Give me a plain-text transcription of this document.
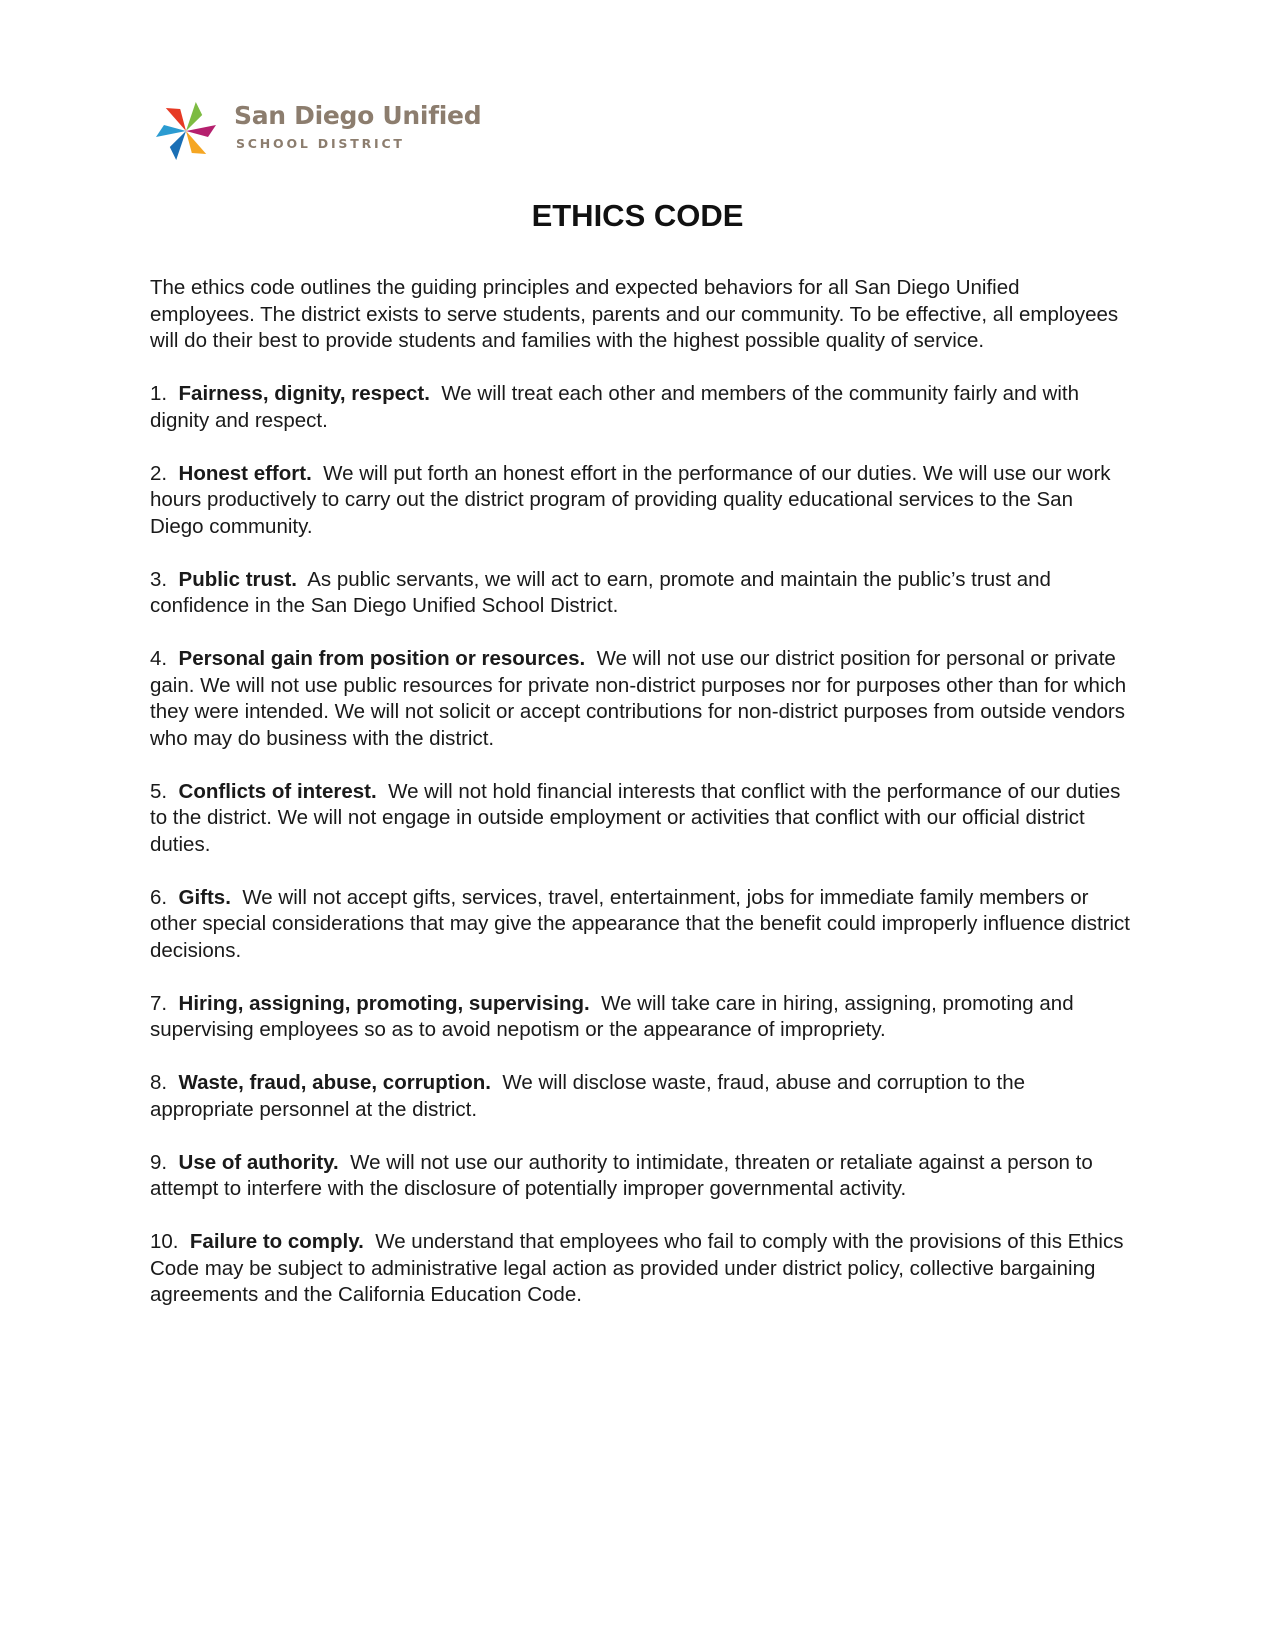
San Diego Unified
SCHOOL DISTRICT
ETHICS CODE

The ethics code outlines the guiding principles and expected behaviors for all San Diego Unified employees. The district exists to serve students, parents and our community. To be effective, all employees will do their best to provide students and families with the highest possible quality of service.

1. Fairness, dignity, respect. We will treat each other and members of the community fairly and with dignity and respect.

2. Honest effort. We will put forth an honest effort in the performance of our duties. We will use our work hours productively to carry out the district program of providing quality educational services to the San Diego community.

3. Public trust. As public servants, we will act to earn, promote and maintain the public’s trust and confidence in the San Diego Unified School District.

4. Personal gain from position or resources. We will not use our district position for personal or private gain. We will not use public resources for private non-district purposes nor for purposes other than for which they were intended. We will not solicit or accept contributions for non-district purposes from outside vendors who may do business with the district.

5. Conflicts of interest. We will not hold financial interests that conflict with the performance of our duties to the district. We will not engage in outside employment or activities that conflict with our official district duties.

6. Gifts. We will not accept gifts, services, travel, entertainment, jobs for immediate family members or other special considerations that may give the appearance that the benefit could improperly influence district decisions.

7. Hiring, assigning, promoting, supervising. We will take care in hiring, assigning, promoting and supervising employees so as to avoid nepotism or the appearance of impropriety.

8. Waste, fraud, abuse, corruption. We will disclose waste, fraud, abuse and corruption to the appropriate personnel at the district.

9. Use of authority. We will not use our authority to intimidate, threaten or retaliate against a person to attempt to interfere with the disclosure of potentially improper governmental activity.

10. Failure to comply. We understand that employees who fail to comply with the provisions of this Ethics Code may be subject to administrative legal action as provided under district policy, collective bargaining agreements and the California Education Code.
